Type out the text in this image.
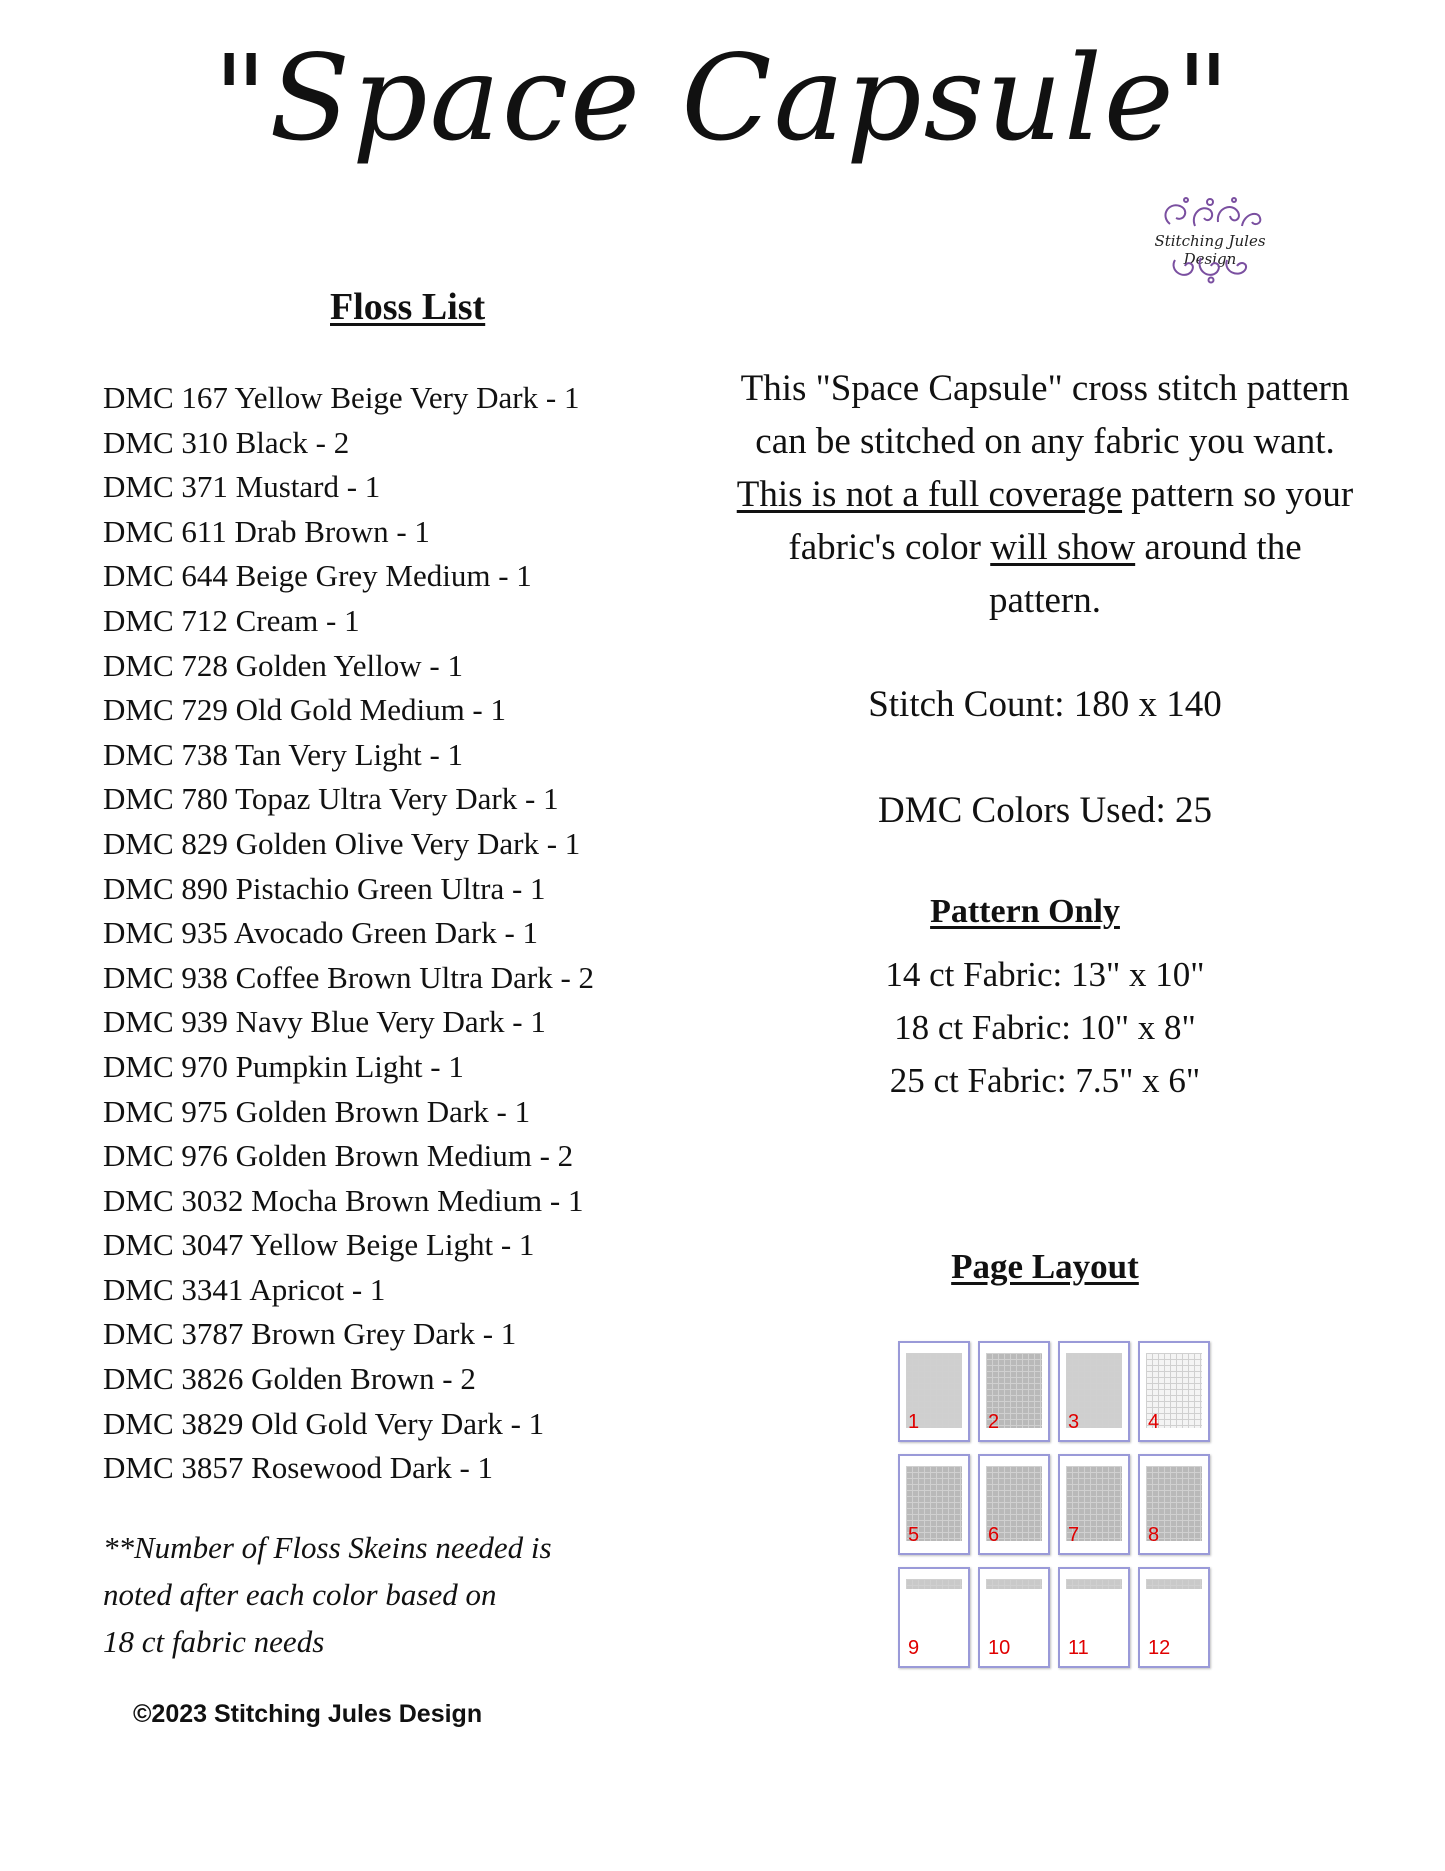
"Space Capsule"
Stitching Jules Design
Floss List
DMC 167 Yellow Beige Very Dark - 1
DMC 310 Black - 2
DMC 371 Mustard - 1
DMC 611 Drab Brown - 1
DMC 644 Beige Grey Medium - 1
DMC 712 Cream - 1
DMC 728 Golden Yellow - 1
DMC 729 Old Gold Medium - 1
DMC 738 Tan Very Light - 1
DMC 780 Topaz Ultra Very Dark - 1
DMC 829 Golden Olive Very Dark - 1
DMC 890 Pistachio Green Ultra - 1
DMC 935 Avocado Green Dark - 1
DMC 938 Coffee Brown Ultra Dark - 2
DMC 939 Navy Blue Very Dark - 1
DMC 970 Pumpkin Light - 1
DMC 975 Golden Brown Dark - 1
DMC 976 Golden Brown Medium - 2
DMC 3032 Mocha Brown Medium - 1
DMC 3047 Yellow Beige Light - 1
DMC 3341 Apricot - 1
DMC 3787 Brown Grey Dark - 1
DMC 3826 Golden Brown - 2
DMC 3829 Old Gold Very Dark - 1
DMC 3857 Rosewood Dark - 1
**Number of Floss Skeins needed is
noted after each color based on
18 ct fabric needs
©2023 Stitching Jules Design
This "Space Capsule" cross stitch pattern can be stitched on any fabric you want. This is not a full coverage pattern so your fabric's color will show around the pattern.
Stitch Count: 180 x 140
DMC Colors Used: 25
Pattern Only
14 ct Fabric: 13" x 10"
18 ct Fabric: 10" x 8"
25 ct Fabric: 7.5" x 6"
Page Layout
1	2	3	4
5	6	7	8
9	10	11	12
